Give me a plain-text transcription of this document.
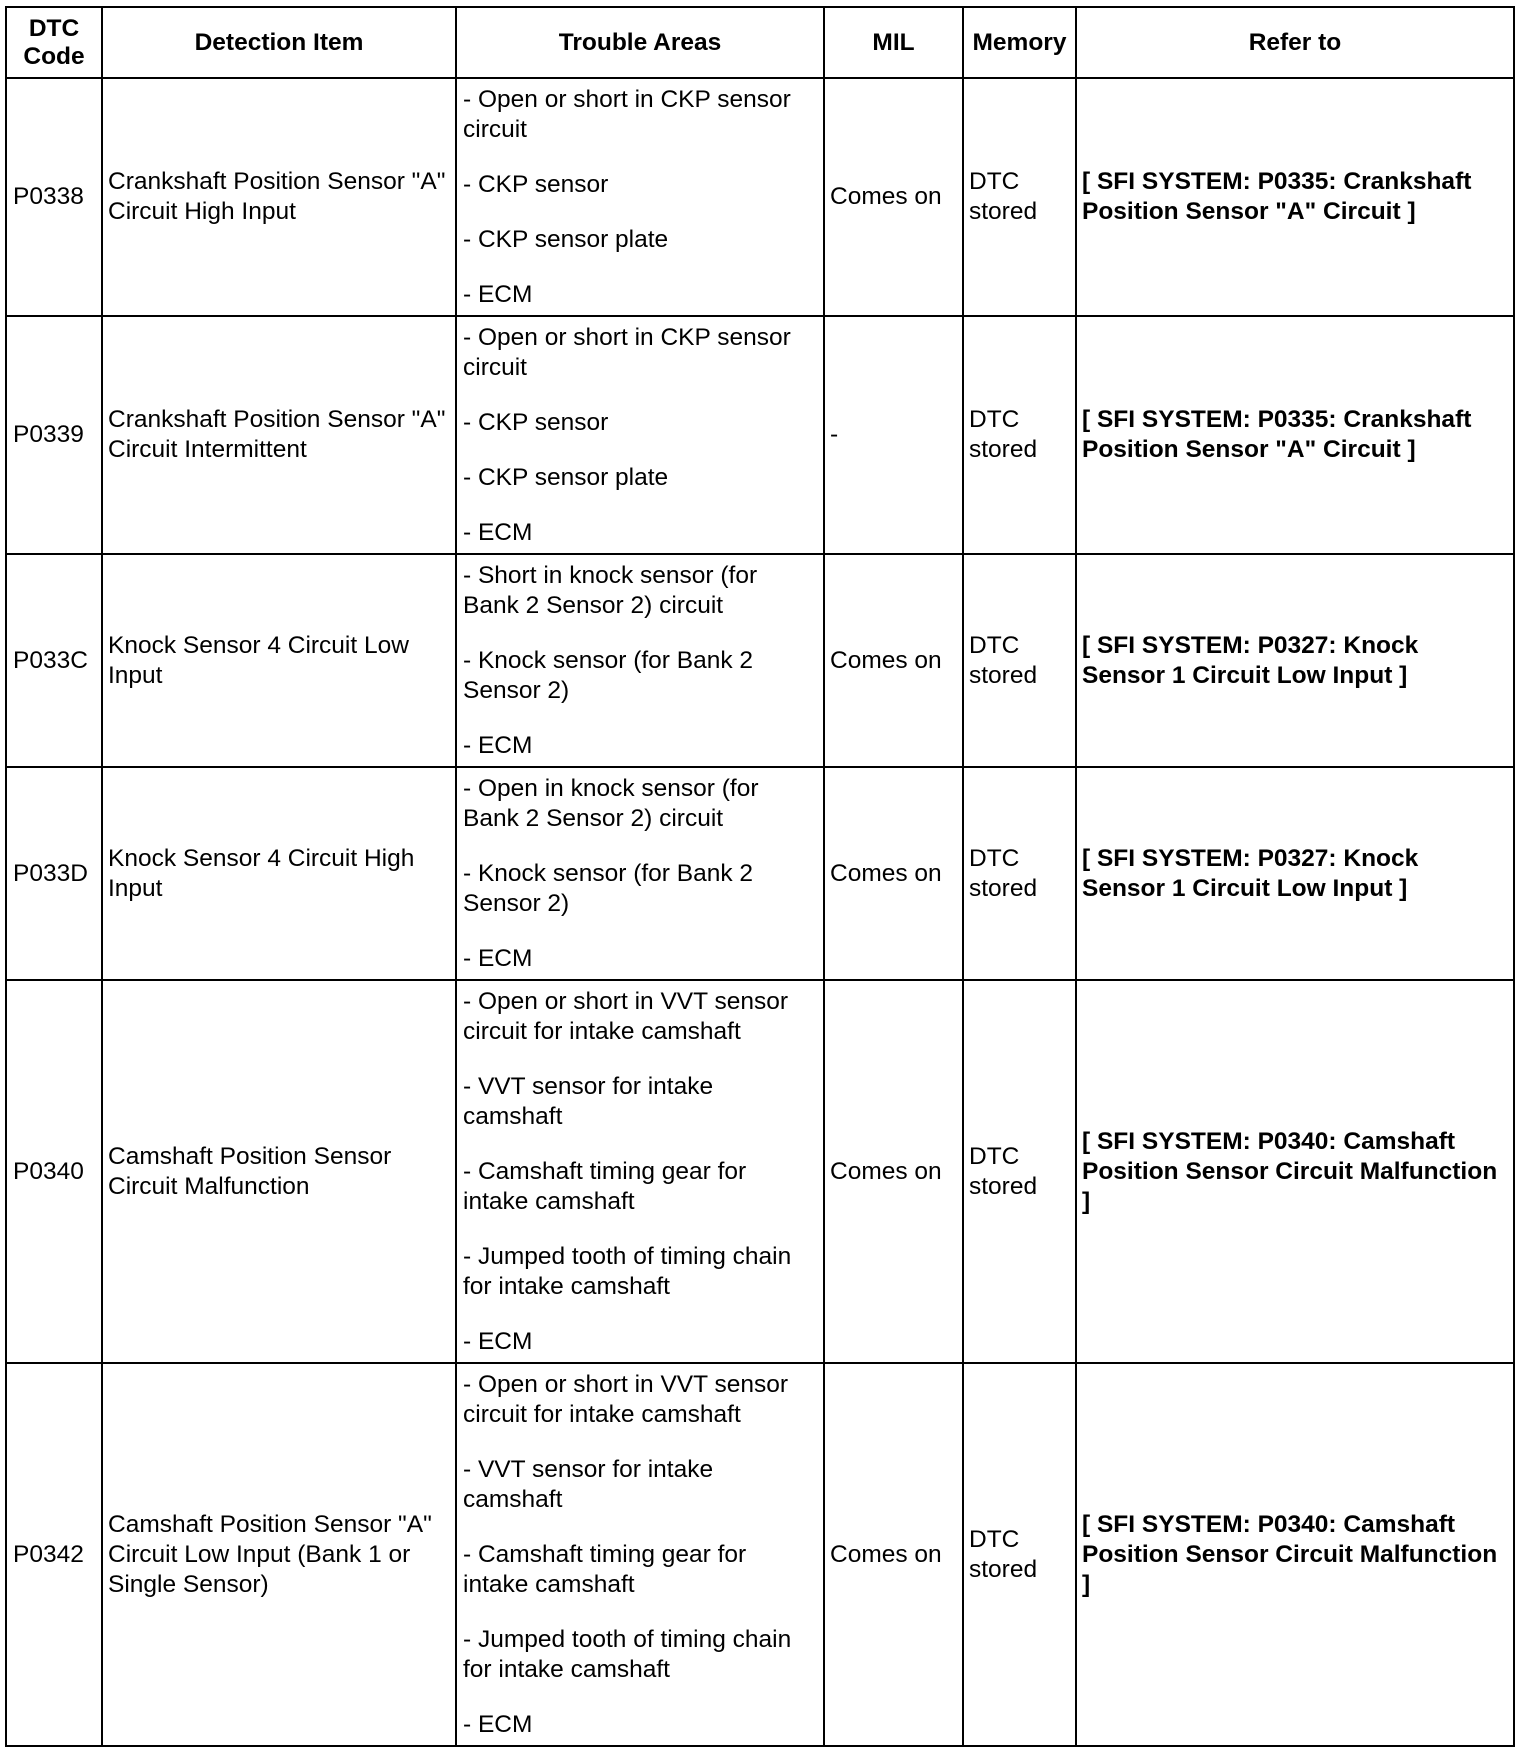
DTC
Code	Detection Item	Trouble Areas	MIL	Memory	Refer to
P0338	Crankshaft Position Sensor "A" Circuit High Input	- Open or short in CKP sensor circuit
- CKP sensor
- CKP sensor plate
- ECM	Comes on	DTC stored	[ SFI SYSTEM: P0335: Crankshaft Position Sensor "A" Circuit ]
P0339	Crankshaft Position Sensor "A" Circuit Intermittent	- Open or short in CKP sensor circuit
- CKP sensor
- CKP sensor plate
- ECM	-	DTC stored	[ SFI SYSTEM: P0335: Crankshaft Position Sensor "A" Circuit ]
P033C	Knock Sensor 4 Circuit Low Input	- Short in knock sensor (for Bank 2 Sensor 2) circuit
- Knock sensor (for Bank 2 Sensor 2)
- ECM	Comes on	DTC stored	[ SFI SYSTEM: P0327: Knock Sensor 1 Circuit Low Input ]
P033D	Knock Sensor 4 Circuit High Input	- Open in knock sensor (for Bank 2 Sensor 2) circuit
- Knock sensor (for Bank 2 Sensor 2)
- ECM	Comes on	DTC stored	[ SFI SYSTEM: P0327: Knock Sensor 1 Circuit Low Input ]
P0340	Camshaft Position Sensor Circuit Malfunction	- Open or short in VVT sensor circuit for intake camshaft
- VVT sensor for intake camshaft
- Camshaft timing gear for intake camshaft
- Jumped tooth of timing chain for intake camshaft
- ECM	Comes on	DTC stored	[ SFI SYSTEM: P0340: Camshaft Position Sensor Circuit Malfunction ]
P0342	Camshaft Position Sensor "A" Circuit Low Input (Bank 1 or Single Sensor)	- Open or short in VVT sensor circuit for intake camshaft
- VVT sensor for intake camshaft
- Camshaft timing gear for intake camshaft
- Jumped tooth of timing chain for intake camshaft
- ECM	Comes on	DTC stored	[ SFI SYSTEM: P0340: Camshaft Position Sensor Circuit Malfunction ]
